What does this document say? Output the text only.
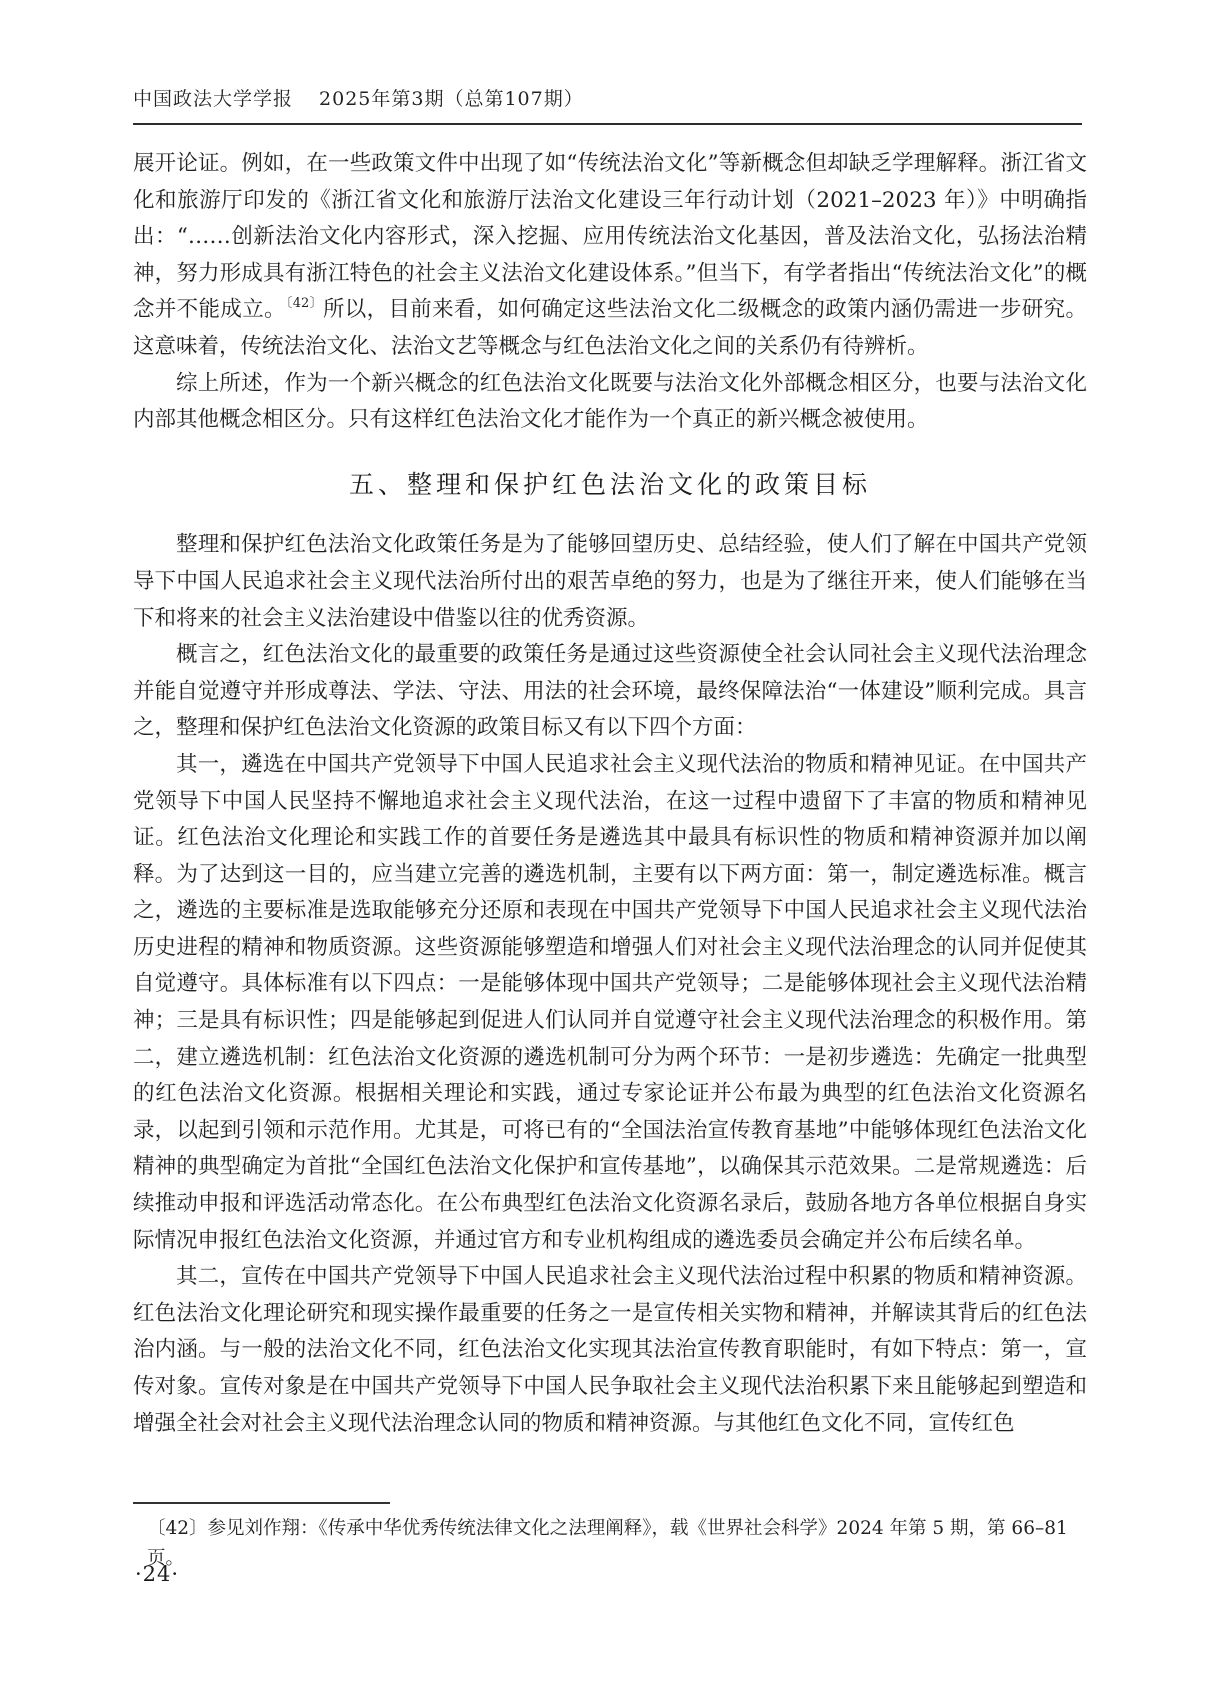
中国政法大学学报 2025年第3期（总第107期）

展开论证。例如，在一些政策文件中出现了如“传统法治文化”等新概念但却缺乏学理解释。浙江省文化和旅游厅印发的《浙江省文化和旅游厅法治文化建设三年行动计划（2021–2023 年）》中明确指出：“……创新法治文化内容形式，深入挖掘、应用传统法治文化基因，普及法治文化，弘扬法治精神，努力形成具有浙江特色的社会主义法治文化建设体系。”但当下，有学者指出“传统法治文化”的概念并不能成立。$^{〔42〕}$所以，目前来看，如何确定这些法治文化二级概念的政策内涵仍需进一步研究。这意味着，传统法治文化、法治文艺等概念与红色法治文化之间的关系仍有待辨析。

综上所述，作为一个新兴概念的红色法治文化既要与法治文化外部概念相区分，也要与法治文化内部其他概念相区分。只有这样红色法治文化才能作为一个真正的新兴概念被使用。

五、整理和保护红色法治文化的政策目标

整理和保护红色法治文化政策任务是为了能够回望历史、总结经验，使人们了解在中国共产党领导下中国人民追求社会主义现代法治所付出的艰苦卓绝的努力，也是为了继往开来，使人们能够在当下和将来的社会主义法治建设中借鉴以往的优秀资源。

概言之，红色法治文化的最重要的政策任务是通过这些资源使全社会认同社会主义现代法治理念并能自觉遵守并形成尊法、学法、守法、用法的社会环境，最终保障法治“一体建设”顺利完成。具言之，整理和保护红色法治文化资源的政策目标又有以下四个方面：

其一，遴选在中国共产党领导下中国人民追求社会主义现代法治的物质和精神见证。在中国共产党领导下中国人民坚持不懈地追求社会主义现代法治，在这一过程中遗留下了丰富的物质和精神见证。红色法治文化理论和实践工作的首要任务是遴选其中最具有标识性的物质和精神资源并加以阐释。为了达到这一目的，应当建立完善的遴选机制，主要有以下两方面：第一，制定遴选标准。概言之，遴选的主要标准是选取能够充分还原和表现在中国共产党领导下中国人民追求社会主义现代法治历史进程的精神和物质资源。这些资源能够塑造和增强人们对社会主义现代法治理念的认同并促使其自觉遵守。具体标准有以下四点：一是能够体现中国共产党领导；二是能够体现社会主义现代法治精神；三是具有标识性；四是能够起到促进人们认同并自觉遵守社会主义现代法治理念的积极作用。第二，建立遴选机制：红色法治文化资源的遴选机制可分为两个环节：一是初步遴选：先确定一批典型的红色法治文化资源。根据相关理论和实践，通过专家论证并公布最为典型的红色法治文化资源名录，以起到引领和示范作用。尤其是，可将已有的“全国法治宣传教育基地”中能够体现红色法治文化精神的典型确定为首批“全国红色法治文化保护和宣传基地”，以确保其示范效果。二是常规遴选：后续推动申报和评选活动常态化。在公布典型红色法治文化资源名录后，鼓励各地方各单位根据自身实际情况申报红色法治文化资源，并通过官方和专业机构组成的遴选委员会确定并公布后续名单。

其二，宣传在中国共产党领导下中国人民追求社会主义现代法治过程中积累的物质和精神资源。红色法治文化理论研究和现实操作最重要的任务之一是宣传相关实物和精神，并解读其背后的红色法治内涵。与一般的法治文化不同，红色法治文化实现其法治宣传教育职能时，有如下特点：第一，宣传对象。宣传对象是在中国共产党领导下中国人民争取社会主义现代法治积累下来且能够起到塑造和增强全社会对社会主义现代法治理念认同的物质和精神资源。与其他红色文化不同，宣传红色

〔42〕参见刘作翔：《传承中华优秀传统法律文化之法理阐释》，载《世界社会科学》2024 年第 5 期，第 66–81 页。
·24·
